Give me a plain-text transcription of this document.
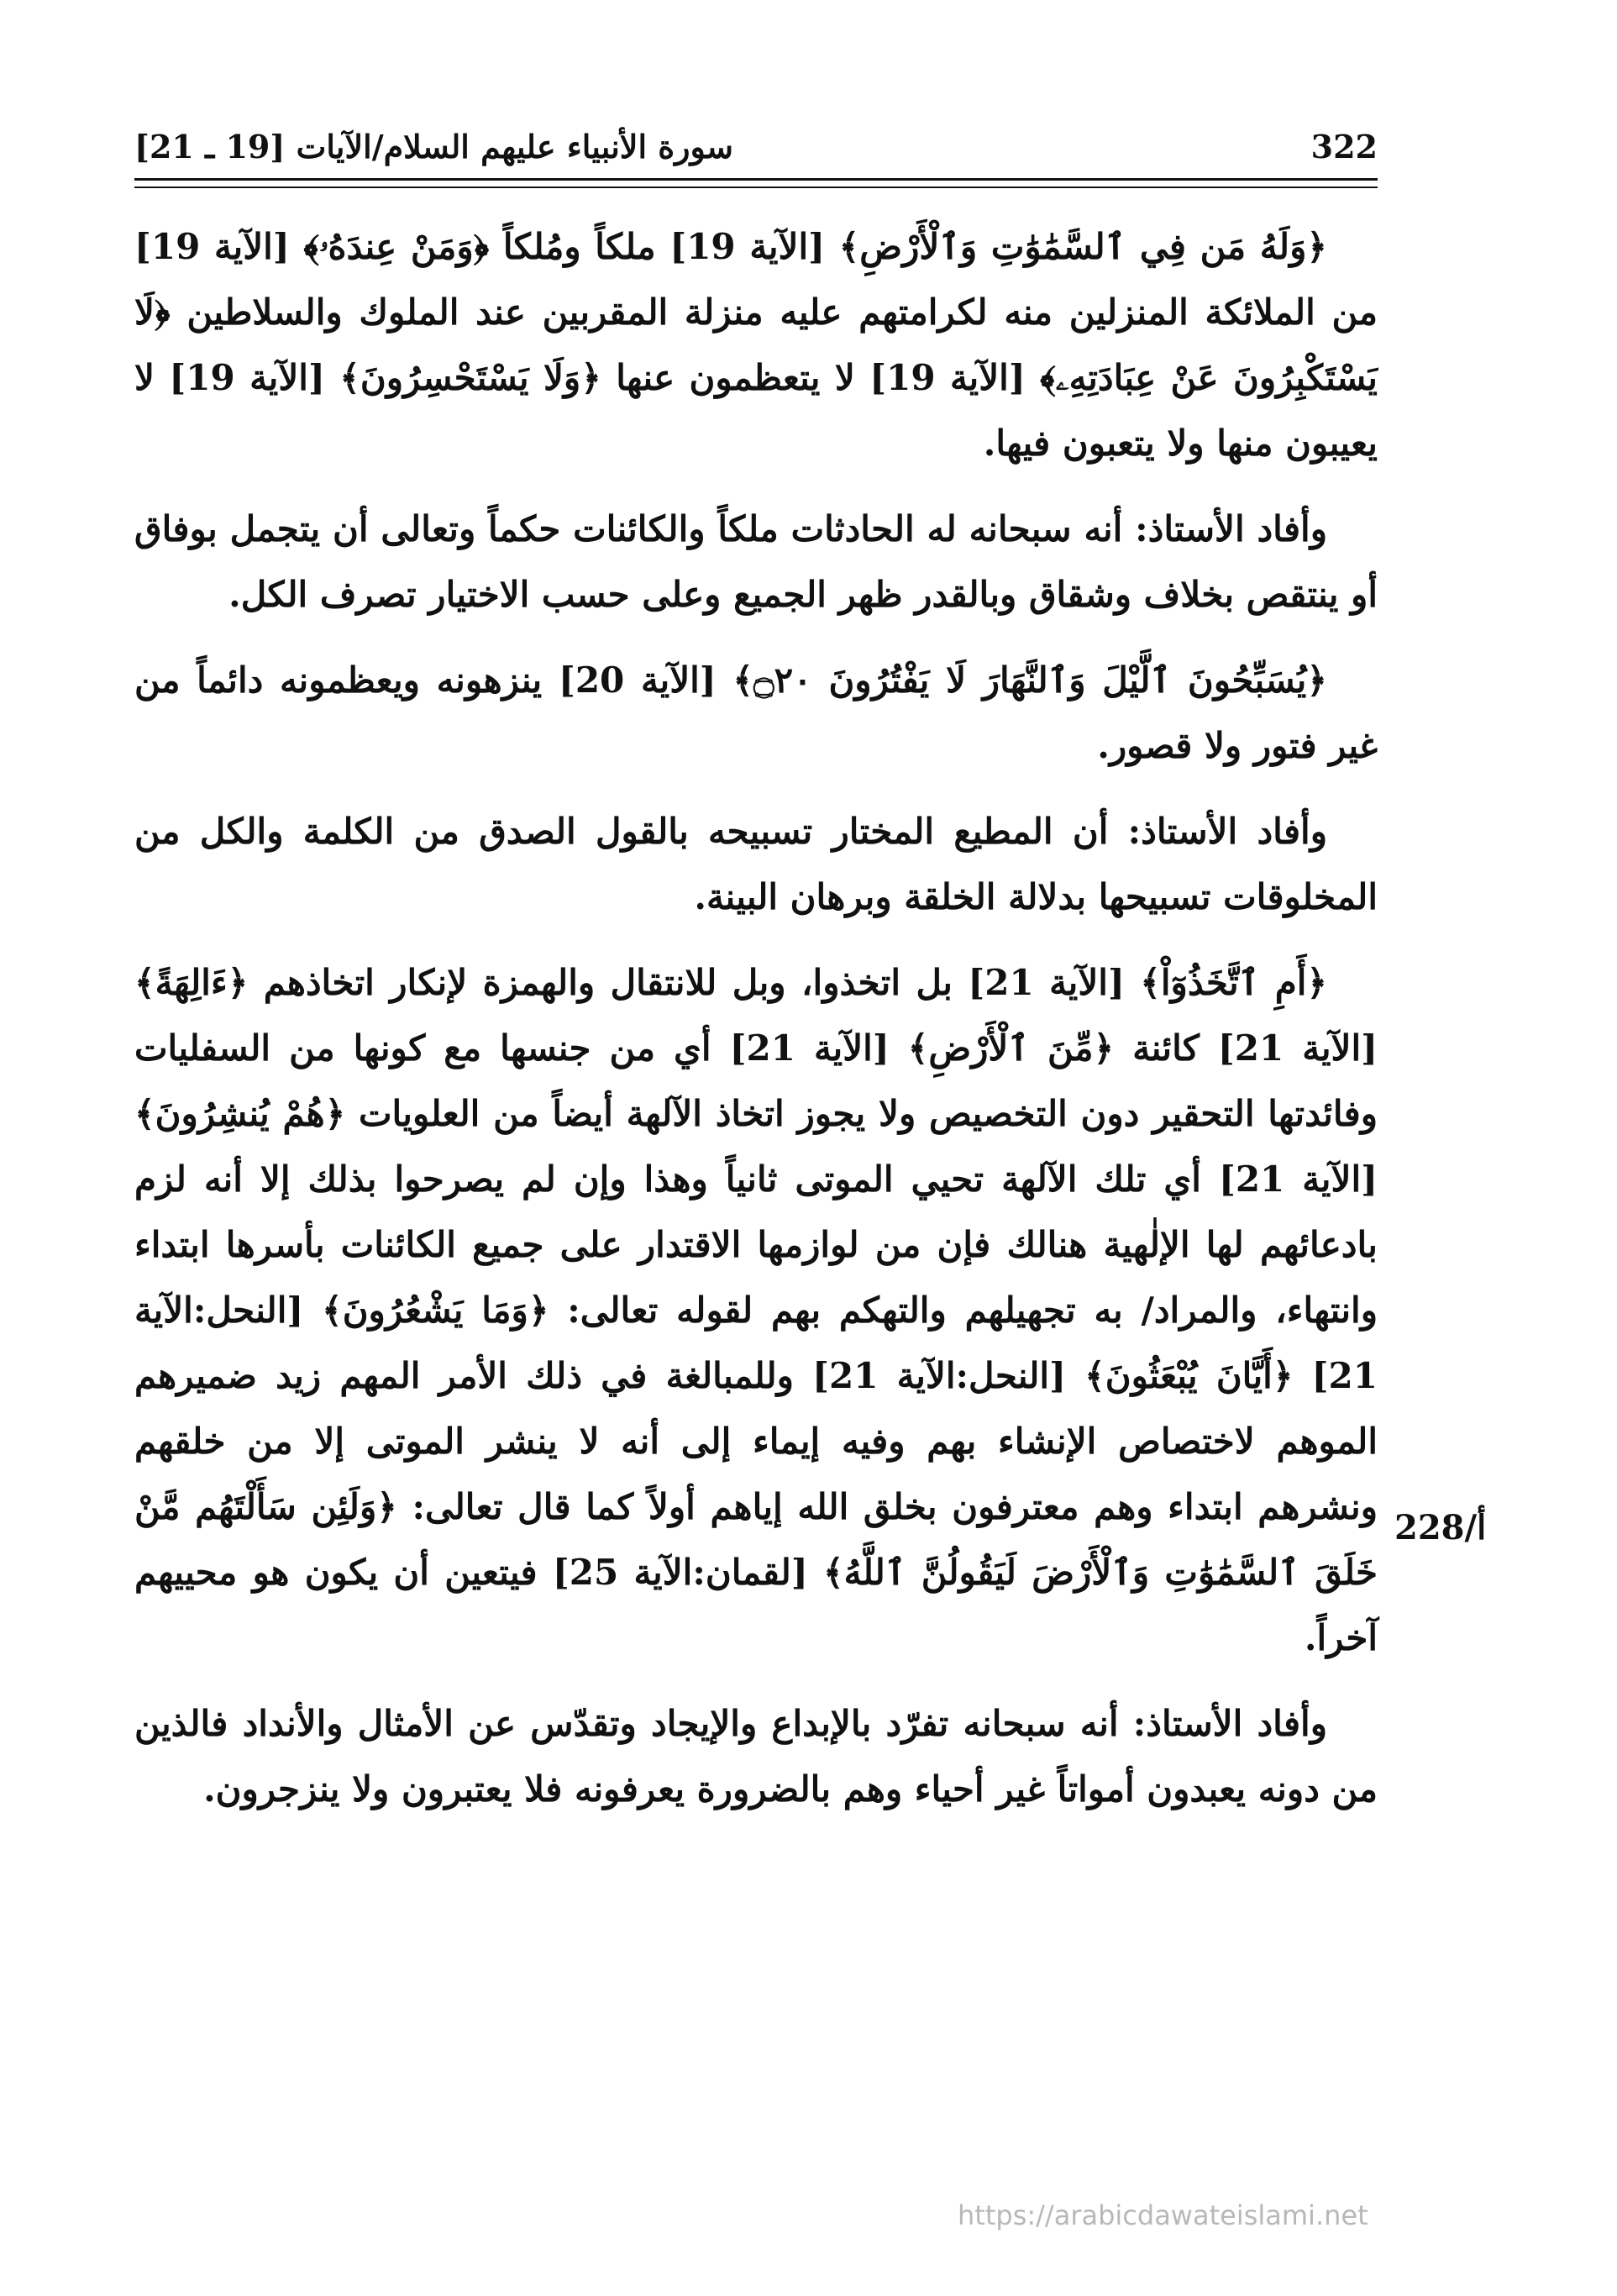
322
سورة الأنبياء عليهم السلام/الآيات [19 ـ 21]

﴿وَلَهُ مَن فِي ٱلسَّمَٰوَٰتِ وَٱلْأَرْضِ﴾ [الآية 19] ملكاً ومُلكاً ﴿وَمَنْ عِندَهُۥ﴾ [الآية 19] من الملائكة المنزلين منه لكرامتهم عليه منزلة المقربين عند الملوك والسلاطين ﴿لَا يَسْتَكْبِرُونَ عَنْ عِبَادَتِهِۦ﴾ [الآية 19] لا يتعظمون عنها ﴿وَلَا يَسْتَحْسِرُونَ﴾ [الآية 19] لا يعيبون منها ولا يتعبون فيها.

وأفاد الأستاذ: أنه سبحانه له الحادثات ملكاً والكائنات حكماً وتعالى أن يتجمل بوفاق أو ينتقص بخلاف وشقاق وبالقدر ظهر الجميع وعلى حسب الاختيار تصرف الكل.

﴿يُسَبِّحُونَ ٱلَّيْلَ وَٱلنَّهَارَ لَا يَفْتُرُونَ ۝٢٠﴾ [الآية 20] ينزهونه ويعظمونه دائماً من غير فتور ولا قصور.

وأفاد الأستاذ: أن المطيع المختار تسبيحه بالقول الصدق من الكلمة والكل من المخلوقات تسبيحها بدلالة الخلقة وبرهان البينة.

﴿أَمِ ٱتَّخَذُوٓاْ﴾ [الآية 21] بل اتخذوا، وبل للانتقال والهمزة لإنكار اتخاذهم ﴿ءَالِهَةً﴾ [الآية 21] كائنة ﴿مِّنَ ٱلْأَرْضِ﴾ [الآية 21] أي من جنسها مع كونها من السفليات وفائدتها التحقير دون التخصيص ولا يجوز اتخاذ الآلهة أيضاً من العلويات ﴿هُمْ يُنشِرُونَ﴾ [الآية 21] أي تلك الآلهة تحيي الموتى ثانياً وهذا وإن لم يصرحوا بذلك إلا أنه لزم بادعائهم لها الإلٰهية هنالك فإن من لوازمها الاقتدار على جميع الكائنات بأسرها ابتداء وانتهاء، والمراد/ به تجهيلهم والتهكم بهم لقوله تعالى: ﴿وَمَا يَشْعُرُونَ﴾ [النحل:الآية 21] ﴿أَيَّانَ يُبْعَثُونَ﴾ [النحل:الآية 21] وللمبالغة في ذلك الأمر المهم زيد ضميرهم الموهم لاختصاص الإنشاء بهم وفيه إيماء إلى أنه لا ينشر الموتى إلا من خلقهم ونشرهم ابتداء وهم معترفون بخلق الله إياهم أولاً كما قال تعالى: ﴿وَلَئِن سَأَلْتَهُم مَّنْ خَلَقَ ٱلسَّمَٰوَٰتِ وَٱلْأَرْضَ لَيَقُولُنَّ ٱللَّهُ﴾ [لقمان:الآية 25] فيتعين أن يكون هو محييهم آخراً.

وأفاد الأستاذ: أنه سبحانه تفرّد بالإبداع والإيجاد وتقدّس عن الأمثال والأنداد فالذين من دونه يعبدون أمواتاً غير أحياء وهم بالضرورة يعرفونه فلا يعتبرون ولا ينزجرون.

228/أ
https://arabicdawateislami.net
